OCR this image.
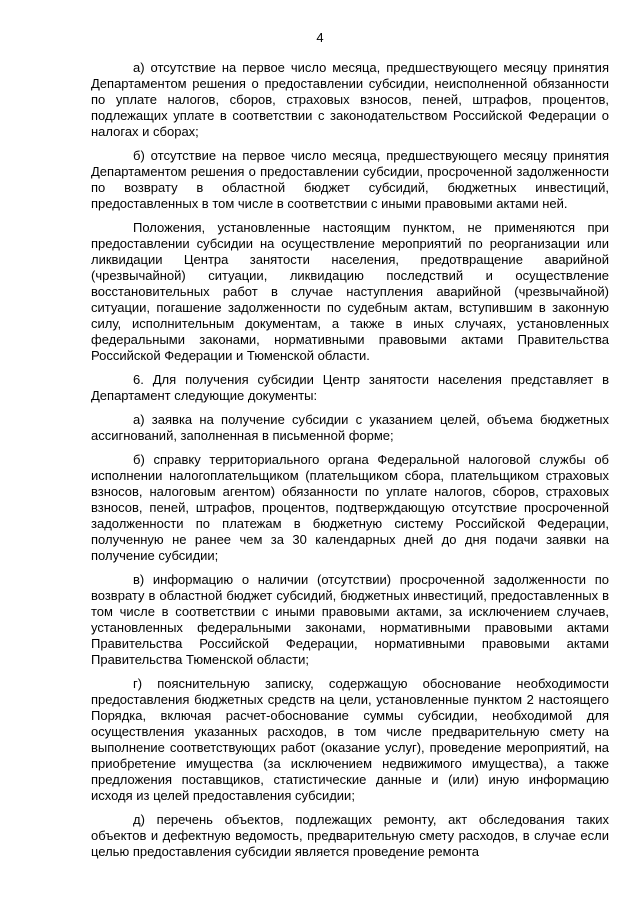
4

а) отсутствие на первое число месяца, предшествующего месяцу принятия Департаментом решения о предоставлении субсидии, неисполненной обязанности по уплате налогов, сборов, страховых взносов, пеней, штрафов, процентов, подлежащих уплате в соответствии с законодательством Российской Федерации о налогах и сборах;

б) отсутствие на первое число месяца, предшествующего месяцу принятия Департаментом решения о предоставлении субсидии, просроченной задолженности по возврату в областной бюджет субсидий, бюджетных инвестиций, предоставленных в том числе в соответствии с иными правовыми актами ней.

Положения, установленные настоящим пунктом, не применяются при предоставлении субсидии на осуществление мероприятий по реорганизации или ликвидации Центра занятости населения, предотвращение аварийной (чрезвычайной) ситуации, ликвидацию последствий и осуществление восстановительных работ в случае наступления аварийной (чрезвычайной) ситуации, погашение задолженности по судебным актам, вступившим в законную силу, исполнительным документам, а также в иных случаях, установленных федеральными законами, нормативными правовыми актами Правительства Российской Федерации и Тюменской области.

6. Для получения субсидии Центр занятости населения представляет в Департамент следующие документы:

а) заявка на получение субсидии с указанием целей, объема бюджетных ассигнований, заполненная в письменной форме;

б) справку территориального органа Федеральной налоговой службы об исполнении налогоплательщиком (плательщиком сбора, плательщиком страховых взносов, налоговым агентом) обязанности по уплате налогов, сборов, страховых взносов, пеней, штрафов, процентов, подтверждающую отсутствие просроченной задолженности по платежам в бюджетную систему Российской Федерации, полученную не ранее чем за 30 календарных дней до дня подачи заявки на получение субсидии;

в) информацию о наличии (отсутствии) просроченной задолженности по возврату в областной бюджет субсидий, бюджетных инвестиций, предоставленных в том числе в соответствии с иными правовыми актами, за исключением случаев, установленных федеральными законами, нормативными правовыми актами Правительства Российской Федерации, нормативными правовыми актами Правительства Тюменской области;

г) пояснительную записку, содержащую обоснование необходимости предоставления бюджетных средств на цели, установленные пунктом 2 настоящего Порядка, включая расчет-обоснование суммы субсидии, необходимой для осуществления указанных расходов, в том числе предварительную смету на выполнение соответствующих работ (оказание услуг), проведение мероприятий, на приобретение имущества (за исключением недвижимого имущества), а также предложения поставщиков, статистические данные и (или) иную информацию исходя из целей предоставления субсидии;

д) перечень объектов, подлежащих ремонту, акт обследования таких объектов и дефектную ведомость, предварительную смету расходов, в случае если целью предоставления субсидии является проведение ремонта
